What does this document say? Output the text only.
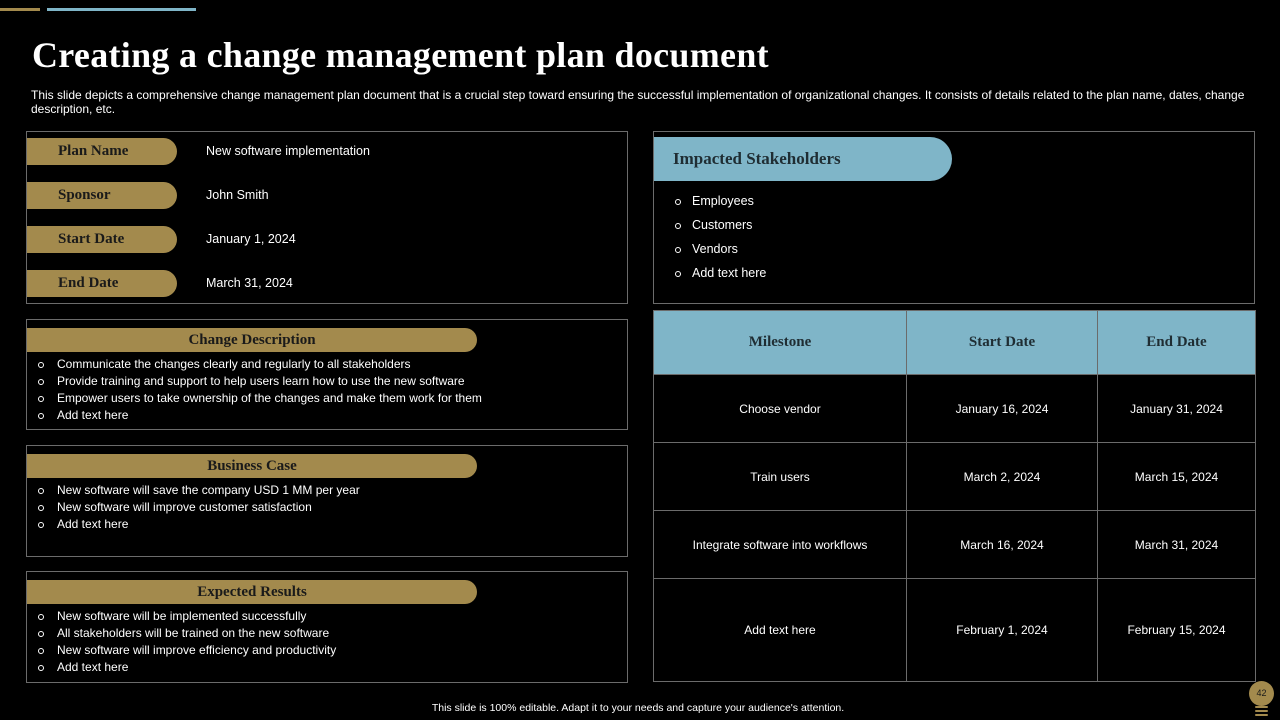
Creating a change management plan document

This slide depicts a comprehensive change management plan document that is a crucial step toward ensuring the successful implementation of organizational changes. It consists of details related to the plan name, dates, change description, etc.

Plan Name	New software implementation
Sponsor	John Smith
Start Date	January 1, 2024
End Date	March 31, 2024
Change Description
Communicate the changes clearly and regularly to all stakeholders
Provide training and support to help users learn how to use the new software
Empower users to take ownership of the changes and make them work for them
Add text here
Business Case
New software will save the company USD 1 MM per year
New software will improve customer satisfaction
Add text here
Expected Results
New software will be implemented successfully
All stakeholders will be trained on the new software
New software will improve efficiency and productivity
Add text here
Impacted Stakeholders
Employees
Customers
Vendors
Add text here
Milestone	Start Date	End Date
Choose vendor	January 16, 2024	January 31, 2024
Train users	March 2, 2024	March 15, 2024
Integrate software into workflows	March 16, 2024	March 31, 2024
Add text here	February 1, 2024	February 15, 2024
This slide is 100% editable. Adapt it to your needs and capture your audience's attention.
42
